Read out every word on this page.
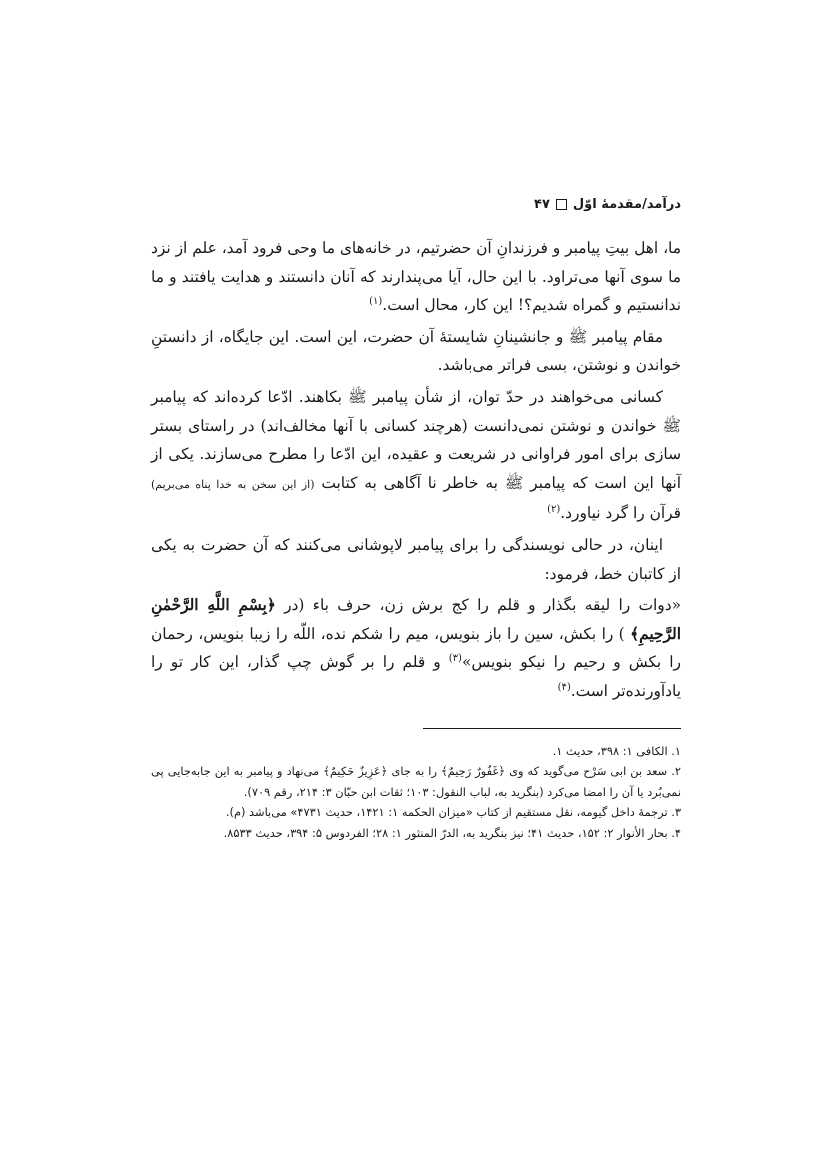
درآمد/مقدمۀ اوّل
۴۷

ما، اهل بیتِ پیامبر و فرزندانِ آن حضرتیم، در خانه‌های ما وحی فرود آمد، علم از نزد ما سوی آنها می‌تراود. با این حال، آیا می‌پندارند که آنان دانستند و هدایت یافتند و ما ندانستیم و گمراه شدیم؟! این کار، محال است.$^{(۱)}$

مقام پیامبر ﷺ و جانشینانِ شایستۀ آن حضرت، این است. این جایگاه، از دانستنِ خواندن و نوشتن، بسی فراتر می‌باشد.

کسانی می‌خواهند در حدّ توان، از شأن پیامبر ﷺ بکاهند. ادّعا کرده‌اند که پیامبر ﷺ خواندن و نوشتن نمی‌دانست (هرچند کسانی با آنها مخالف‌اند) در راستای بستر سازی برای امور فراوانی در شریعت و عقیده، این ادّعا را مطرح می‌سازند. یکی از آنها این است که پیامبر ﷺ به خاطر نا آگاهی به کتابت (از این سخن به خدا پناه می‌بریم) قرآن را گرد نیاورد.$^{(۲)}$

اینان، در حالی نویسندگی را برای پیامبر لاپوشانی می‌کنند که آن حضرت به یکی از کاتبان خط، فرمود:

«دوات را لیقه بگذار و قلم را کج برش زن، حرف باء (در ﴿بِسْمِ اللَّهِ الرَّحْمٰنِ الرَّحِيمِ﴾ ) را بکش، سین را باز بنویس، میم را شکم نده، اللّه را زیبا بنویس، رحمان را بکش و رحیم را نیکو بنویس»$^{(۳)}$ و قلم را بر گوش چپ گذار، این کار تو را یادآورنده‌تر است.$^{(۴)}$

۱. الکافی ۱: ۳۹۸، حدیث ۱.

۲. سعد بن ابی سَرْح می‌گوید که وی ﴿غَفُورٌ رَحِيمٌ﴾ را به جای ﴿عَزِيزٌ حَكِيمٌ﴾ می‌نهاد و پیامبر به این جابه‌جایی پی نمی‌بُرد یا آن را امضا می‌کرد (بنگرید به، لباب النقول: ۱۰۳؛ ثقات ابن حبّان ۳: ۲۱۴، رقم ۷۰۹).

۳. ترجمۀ داخل گیومه، نقل مستقیم از کتاب «میزان الحکمه ۱: ۱۴۲۱، حدیث ۴۷۳۱» می‌باشد (م).

۴. بحار الأنوار ۲: ۱۵۲، حدیث ۴۱؛ نیز بنگرید به، الدرّ المنثور ۱: ۲۸؛ الفردوس ۵: ۳۹۴، حدیث ۸۵۳۳.
